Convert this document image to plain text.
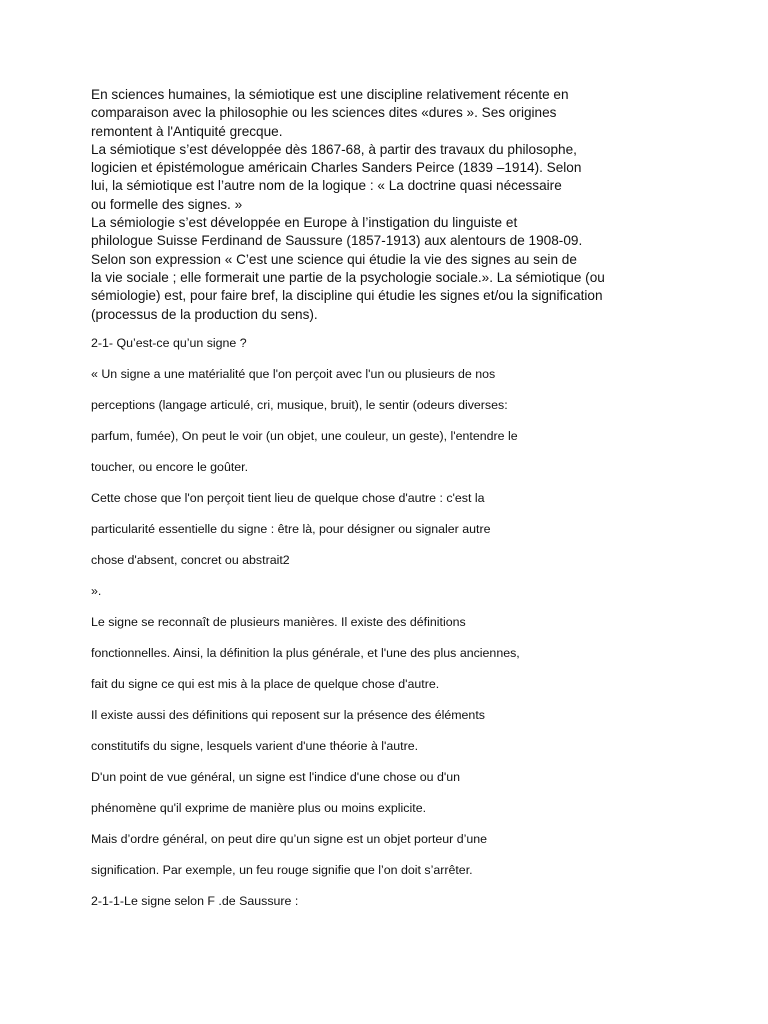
En sciences humaines, la sémiotique est une discipline relativement récente en
comparaison avec la philosophie ou les sciences dites «dures ». Ses origines
remontent à l'Antiquité grecque.
La sémiotique s’est développée dès 1867-68, à partir des travaux du philosophe,
logicien et épistémologue américain Charles Sanders Peirce (1839 –1914). Selon
lui, la sémiotique est l’autre nom de la logique : « La doctrine quasi nécessaire
ou formelle des signes. »
La sémiologie s’est développée en Europe à l’instigation du linguiste et
philologue Suisse Ferdinand de Saussure (1857-1913) aux alentours de 1908-09.
Selon son expression « C’est une science qui étudie la vie des signes au sein de
la vie sociale ; elle formerait une partie de la psychologie sociale.». La sémiotique (ou
sémiologie) est, pour faire bref, la discipline qui étudie les signes et/ou la signification
(processus de la production du sens).
2-1- Qu’est-ce qu’un signe ?
« Un signe a une matérialité que l'on perçoit avec l'un ou plusieurs de nos
perceptions (langage articulé, cri, musique, bruit), le sentir (odeurs diverses:
parfum, fumée), On peut le voir (un objet, une couleur, un geste), l'entendre le
toucher, ou encore le goûter.
Cette chose que l'on perçoit tient lieu de quelque chose d'autre : c'est la
particularité essentielle du signe : être là, pour désigner ou signaler autre
chose d'absent, concret ou abstrait2
».
Le signe se reconnaît de plusieurs manières. Il existe des définitions
fonctionnelles. Ainsi, la définition la plus générale, et l'une des plus anciennes,
fait du signe ce qui est mis à la place de quelque chose d'autre.
Il existe aussi des définitions qui reposent sur la présence des éléments
constitutifs du signe, lesquels varient d'une théorie à l'autre.
D'un point de vue général, un signe est l'indice d'une chose ou d'un
phénomène qu'il exprime de manière plus ou moins explicite.
Mais d’ordre général, on peut dire qu’un signe est un objet porteur d’une
signification. Par exemple, un feu rouge signifie que l’on doit s’arrêter.
2-1-1-Le signe selon F .de Saussure :
